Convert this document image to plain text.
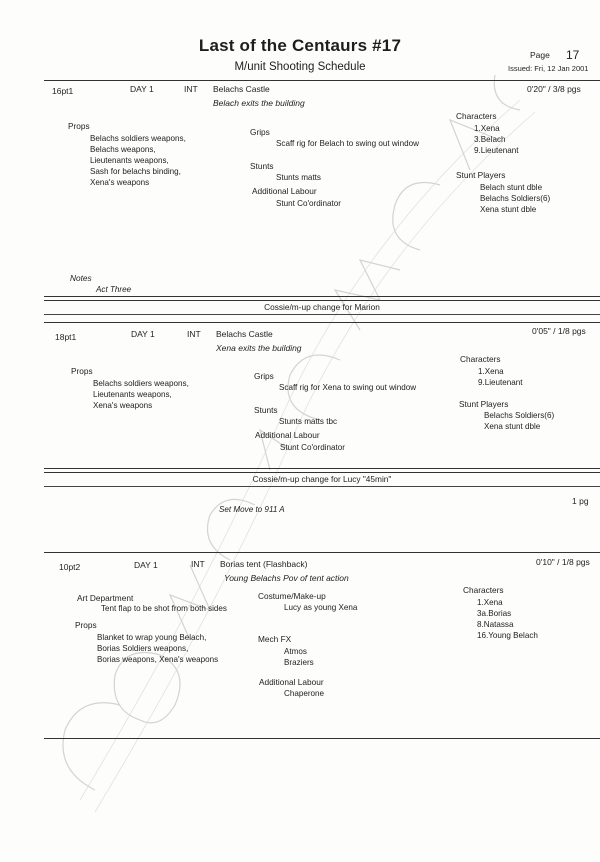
Last of the Centaurs #17
M/unit Shooting Schedule
Page 17
Issued: Fri, 12 Jan 2001
16pt1	DAY 1	INT Belachs Castle	0'20" / 3/8 pgs
Belach exits the building
Props
Belachs soldiers weapons,
Belachs weapons,
Lieutenants weapons,
Sash for belachs binding,
Xena's weapons
Grips
Scaff rig for Belach to swing out window
Stunts
Stunts matts
Additional Labour
Stunt Co'ordinator
Characters
1.Xena
3.Belach
9.Lieutenant
Stunt Players
Belach stunt dble
Belachs Soldiers(6)
Xena stunt dble
Notes
Act Three
Cossie/m-up change for Marion
18pt1	DAY 1	INT Belachs Castle	0'05" / 1/8 pgs
Xena exits the building
Props
Belachs soldiers weapons,
Lieutenants weapons,
Xena's weapons
Grips
Scaff rig for Xena to swing out window
Stunts
Stunts matts tbc
Additional Labour
Stunt Co'ordinator
Characters
1.Xena
9.Lieutenant
Stunt Players
Belachs Soldiers(6)
Xena stunt dble
Cossie/m-up change for Lucy "45min"
Set Move to 911 A
1 pg
10pt2	DAY 1	INT Borias tent (Flashback)	0'10" / 1/8 pgs
Young Belachs Pov of tent action
Art Department
Tent flap to be shot from both sides
Props
Blanket to wrap young Belach,
Borias Soldiers weapons,
Borias weapons, Xena's weapons
Costume/Make-up
Lucy as young Xena
Mech FX
Atmos
Braziers
Additional Labour
Chaperone
Characters
1.Xena
3a.Borias
8.Natassa
16.Young Belach
